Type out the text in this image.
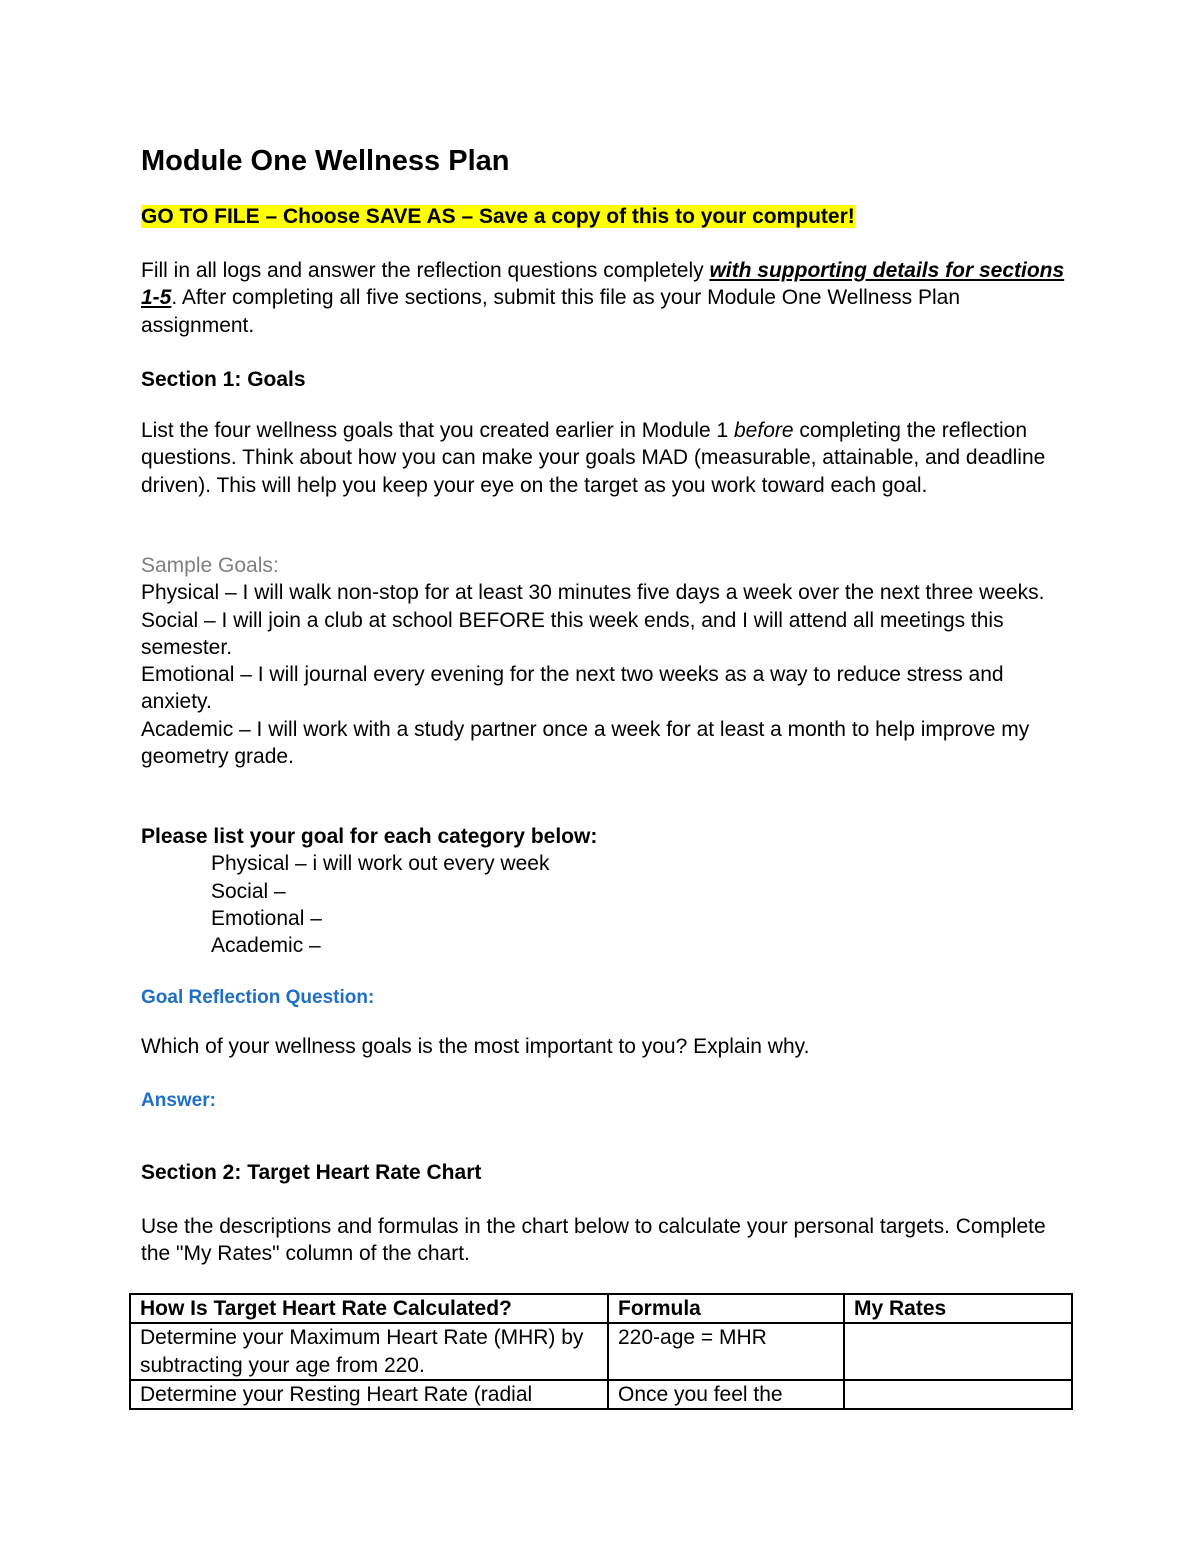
Module One Wellness Plan
GO TO FILE – Choose SAVE AS – Save a copy of this to your computer!

Fill in all logs and answer the reflection questions completely with supporting details for sections 1-5. After completing all five sections, submit this file as your Module One Wellness Plan assignment.

Section 1: Goals

List the four wellness goals that you created earlier in Module 1 before completing the reflection questions. Think about how you can make your goals MAD (measurable, attainable, and deadline driven). This will help you keep your eye on the target as you work toward each goal.

Sample Goals:

Physical – I will walk non-stop for at least 30 minutes five days a week over the next three weeks.

Social – I will join a club at school BEFORE this week ends, and I will attend all meetings this semester.

Emotional – I will journal every evening for the next two weeks as a way to reduce stress and anxiety.

Academic – I will work with a study partner once a week for at least a month to help improve my geometry grade.

Please list your goal for each category below:

Physical – i will work out every week
Social –
Emotional –
Academic –

Goal Reflection Question:

Which of your wellness goals is the most important to you? Explain why.

Answer:

Section 2: Target Heart Rate Chart

Use the descriptions and formulas in the chart below to calculate your personal targets. Complete the "My Rates" column of the chart.

How Is Target Heart Rate Calculated?	Formula	My Rates
Determine your Maximum Heart Rate (MHR) by subtracting your age from 220.	220-age = MHR	
Determine your Resting Heart Rate (radial	Once you feel the	
